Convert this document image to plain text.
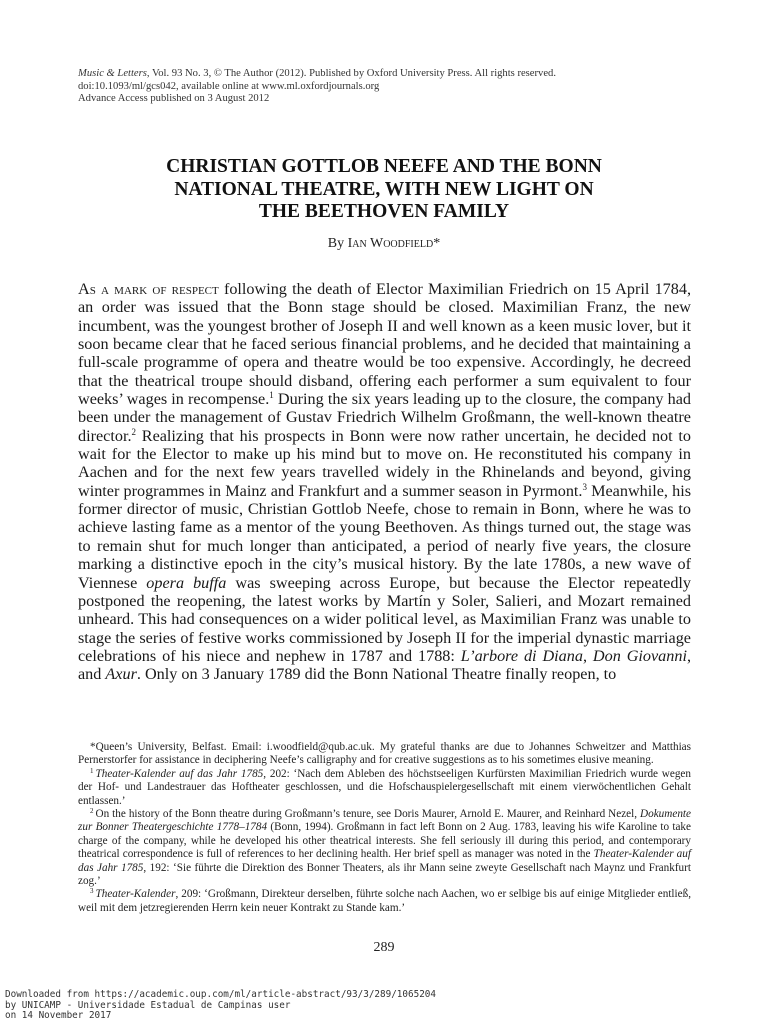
Music & Letters, Vol. 93 No. 3, © The Author (2012). Published by Oxford University Press. All rights reserved.
doi:10.1093/ml/gcs042, available online at www.ml.oxfordjournals.org
Advance Access published on 3 August 2012
CHRISTIAN GOTTLOB NEEFE AND THE BONN
NATIONAL THEATRE, WITH NEW LIGHT ON
THE BEETHOVEN FAMILY
By Ian Woodfield*

As a mark of respect following the death of Elector Maximilian Friedrich on 15 April 1784, an order was issued that the Bonn stage should be closed. Maximilian Franz, the new incumbent, was the youngest brother of Joseph II and well known as a keen music lover, but it soon became clear that he faced serious financial problems, and he decided that maintaining a full-scale programme of opera and theatre would be too expensive. Accordingly, he decreed that the theatrical troupe should disband, offering each performer a sum equivalent to four weeks’ wages in recompense.$^1$ During the six years leading up to the closure, the company had been under the management of Gustav Friedrich Wilhelm Großmann, the well-known theatre director.$^2$ Realizing that his prospects in Bonn were now rather uncertain, he decided not to wait for the Elector to make up his mind but to move on. He reconstituted his company in Aachen and for the next few years travelled widely in the Rhinelands and beyond, giving winter programmes in Mainz and Frankfurt and a summer season in Pyrmont.$^3$ Meanwhile, his former director of music, Christian Gottlob Neefe, chose to remain in Bonn, where he was to achieve lasting fame as a mentor of the young Beethoven. As things turned out, the stage was to remain shut for much longer than anticipated, a period of nearly five years, the closure marking a distinctive epoch in the city’s musical history. By the late 1780s, a new wave of Viennese opera buffa was sweeping across Europe, but because the Elector repeatedly postponed the reopening, the latest works by Martín y Soler, Salieri, and Mozart remained unheard. This had consequences on a wider political level, as Maximilian Franz was unable to stage the series of festive works commissioned by Joseph II for the imperial dynastic marriage celebrations of his niece and nephew in 1787 and 1788: L’arbore di Diana, Don Giovanni, and Axur. Only on 3 January 1789 did the Bonn National Theatre finally reopen, to

*Queen’s University, Belfast. Email: i.woodfield@qub.ac.uk. My grateful thanks are due to Johannes Schweitzer and Matthias Pernerstorfer for assistance in deciphering Neefe’s calligraphy and for creative suggestions as to his sometimes elusive meaning.

$^1$ Theater-Kalender auf das Jahr 1785, 202: ‘Nach dem Ableben des höchstseeligen Kurfürsten Maximilian Friedrich wurde wegen der Hof- und Landestrauer das Hoftheater geschlossen, und die Hofschauspielergesellschaft mit einem vierwöchentlichen Gehalt entlassen.’

$^2$ On the history of the Bonn theatre during Großmann’s tenure, see Doris Maurer, Arnold E. Maurer, and Reinhard Nezel, Dokumente zur Bonner Theatergeschichte 1778–1784 (Bonn, 1994). Großmann in fact left Bonn on 2 Aug. 1783, leaving his wife Karoline to take charge of the company, while he developed his other theatrical interests. She fell seriously ill during this period, and contemporary theatrical correspondence is full of references to her declining health. Her brief spell as manager was noted in the Theater-Kalender auf das Jahr 1785, 192: ‘Sie führte die Direktion des Bonner Theaters, als ihr Mann seine zweyte Gesellschaft nach Maynz und Frankfurt zog.’

$^3$ Theater-Kalender, 209: ‘Großmann, Direkteur derselben, führte solche nach Aachen, wo er selbige bis auf einige Mitglieder entließ, weil mit dem jetzregierenden Herrn kein neuer Kontrakt zu Stande kam.’

289
Downloaded from https://academic.oup.com/ml/article-abstract/93/3/289/1065204
by UNICAMP - Universidade Estadual de Campinas user
on 14 November 2017
